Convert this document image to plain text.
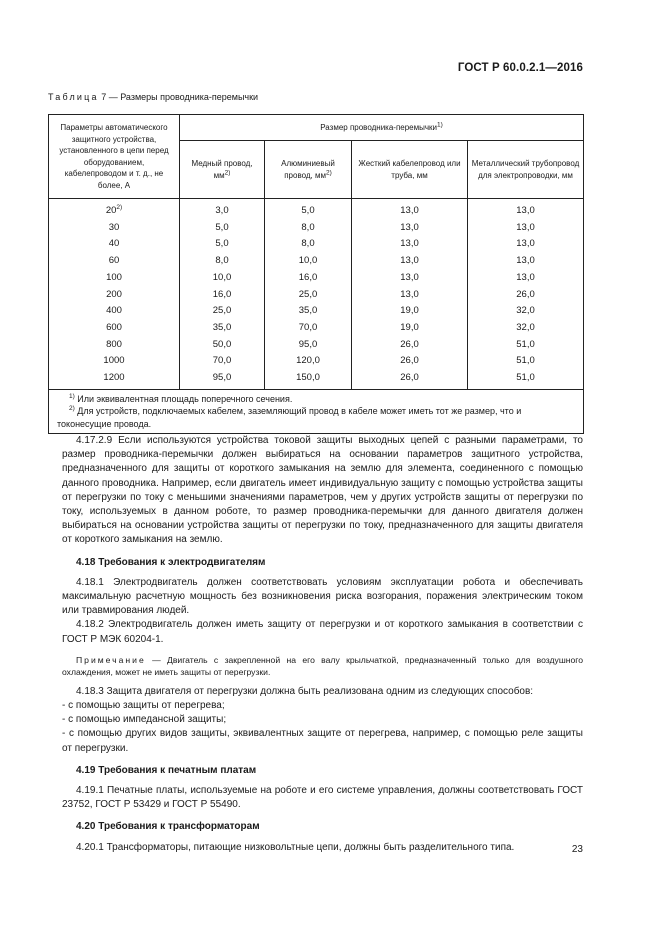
ГОСТ Р 60.0.2.1—2016
Таблица 7 — Размеры проводника-перемычки
Параметры автоматического защитного устройства, установленного в цепи перед оборудованием, кабелепроводом и т. д., не более, А	Размер проводника-перемычки$^{1)}$
	Медный провод, $мм^{2)}$	Алюминиевый провод, $мм^{2)}$	Жесткий кабелепровод или труба, мм	Металлический трубопровод для электропроводки, мм
20$^{2)}$	3,0	5,0	13,0	13,0
30	5,0	8,0	13,0	13,0
40	5,0	8,0	13,0	13,0
60	8,0	10,0	13,0	13,0
100	10,0	16,0	13,0	13,0
200	16,0	25,0	13,0	26,0
400	25,0	35,0	19,0	32,0
600	35,0	70,0	19,0	32,0
800	50,0	95,0	26,0	51,0
1000	70,0	120,0	26,0	51,0
1200	95,0	150,0	26,0	51,0

$^{1)}$ Или эквивалентная площадь поперечного сечения.
$^{2)}$ Для устройств, подключаемых кабелем, заземляющий провод в кабеле может иметь тот же размер, что и токонесущие провода.				

4.17.2.9 Если используются устройства токовой защиты выходных цепей с разными параметрами, то размер проводника-перемычки должен выбираться на основании параметров защитного устройства, предназначенного для защиты от короткого замыкания на землю для элемента, соединенного с помощью данного проводника. Например, если двигатель имеет индивидуальную защиту с помощью устройства защиты от перегрузки по току с меньшими значениями параметров, чем у других устройств защиты от перегрузки по току, используемых в данном роботе, то размер проводника-перемычки для данного двигателя должен выбираться на основании устройства защиты от перегрузки по току, предназначенного для защиты двигателя от короткого замыкания на землю.

4.18 Требования к электродвигателям

4.18.1 Электродвигатель должен соответствовать условиям эксплуатации робота и обеспечивать максимальную расчетную мощность без возникновения риска возгорания, поражения электрическим током или травмирования людей.

4.18.2 Электродвигатель должен иметь защиту от перегрузки и от короткого замыкания в соответствии с ГОСТ Р МЭК 60204-1.

Примечание — Двигатель с закрепленной на его валу крыльчаткой, предназначенный только для воздушного охлаждения, может не иметь защиты от перегрузки.

4.18.3 Защита двигателя от перегрузки должна быть реализована одним из следующих способов:

- с помощью защиты от перегрева;

- с помощью импедансной защиты;

- с помощью других видов защиты, эквивалентных защите от перегрева, например, с помощью реле защиты от перегрузки.

4.19 Требования к печатным платам

4.19.1 Печатные платы, используемые на роботе и его системе управления, должны соответствовать ГОСТ 23752, ГОСТ Р 53429 и ГОСТ Р 55490.

4.20 Требования к трансформаторам

4.20.1 Трансформаторы, питающие низковольтные цепи, должны быть разделительного типа.	23
